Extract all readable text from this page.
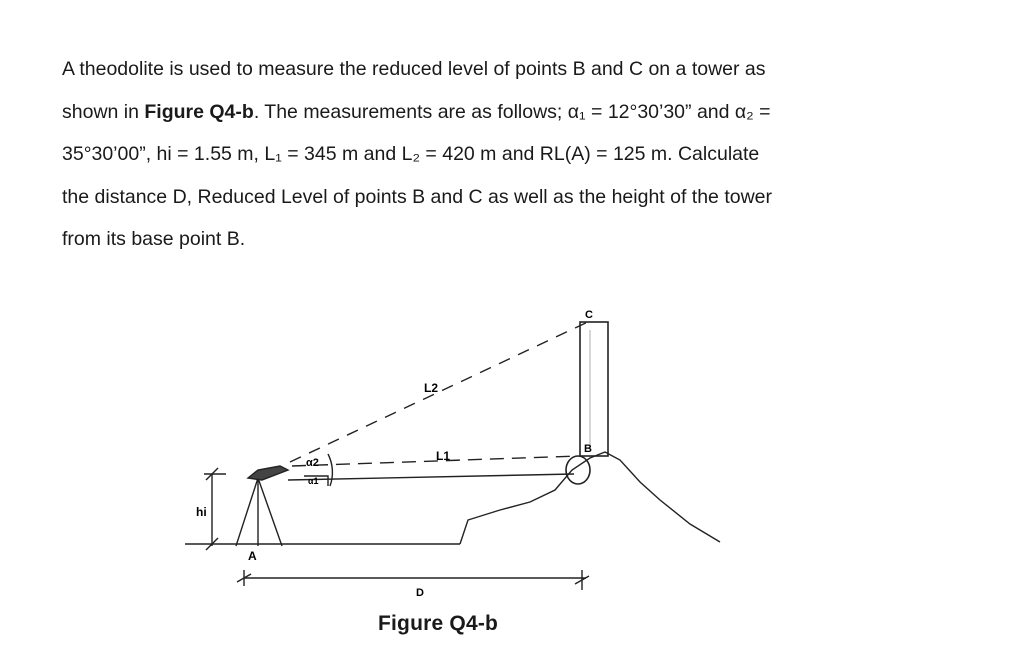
A theodolite is used to measure the reduced level of points B and C on a tower as
shown in Figure Q4-b. The measurements are as follows; α₁ = 12°30’30” and α₂ =
35°30’00”, hi = 1.55 m, L₁ = 345 m and L₂ = 420 m and RL(A) = 125 m. Calculate
the distance D, Reduced Level of points B and C as well as the height of the tower
from its base point B.
hi
A
D
L1
L2
B
C
α2
α1
Figure Q4-b
